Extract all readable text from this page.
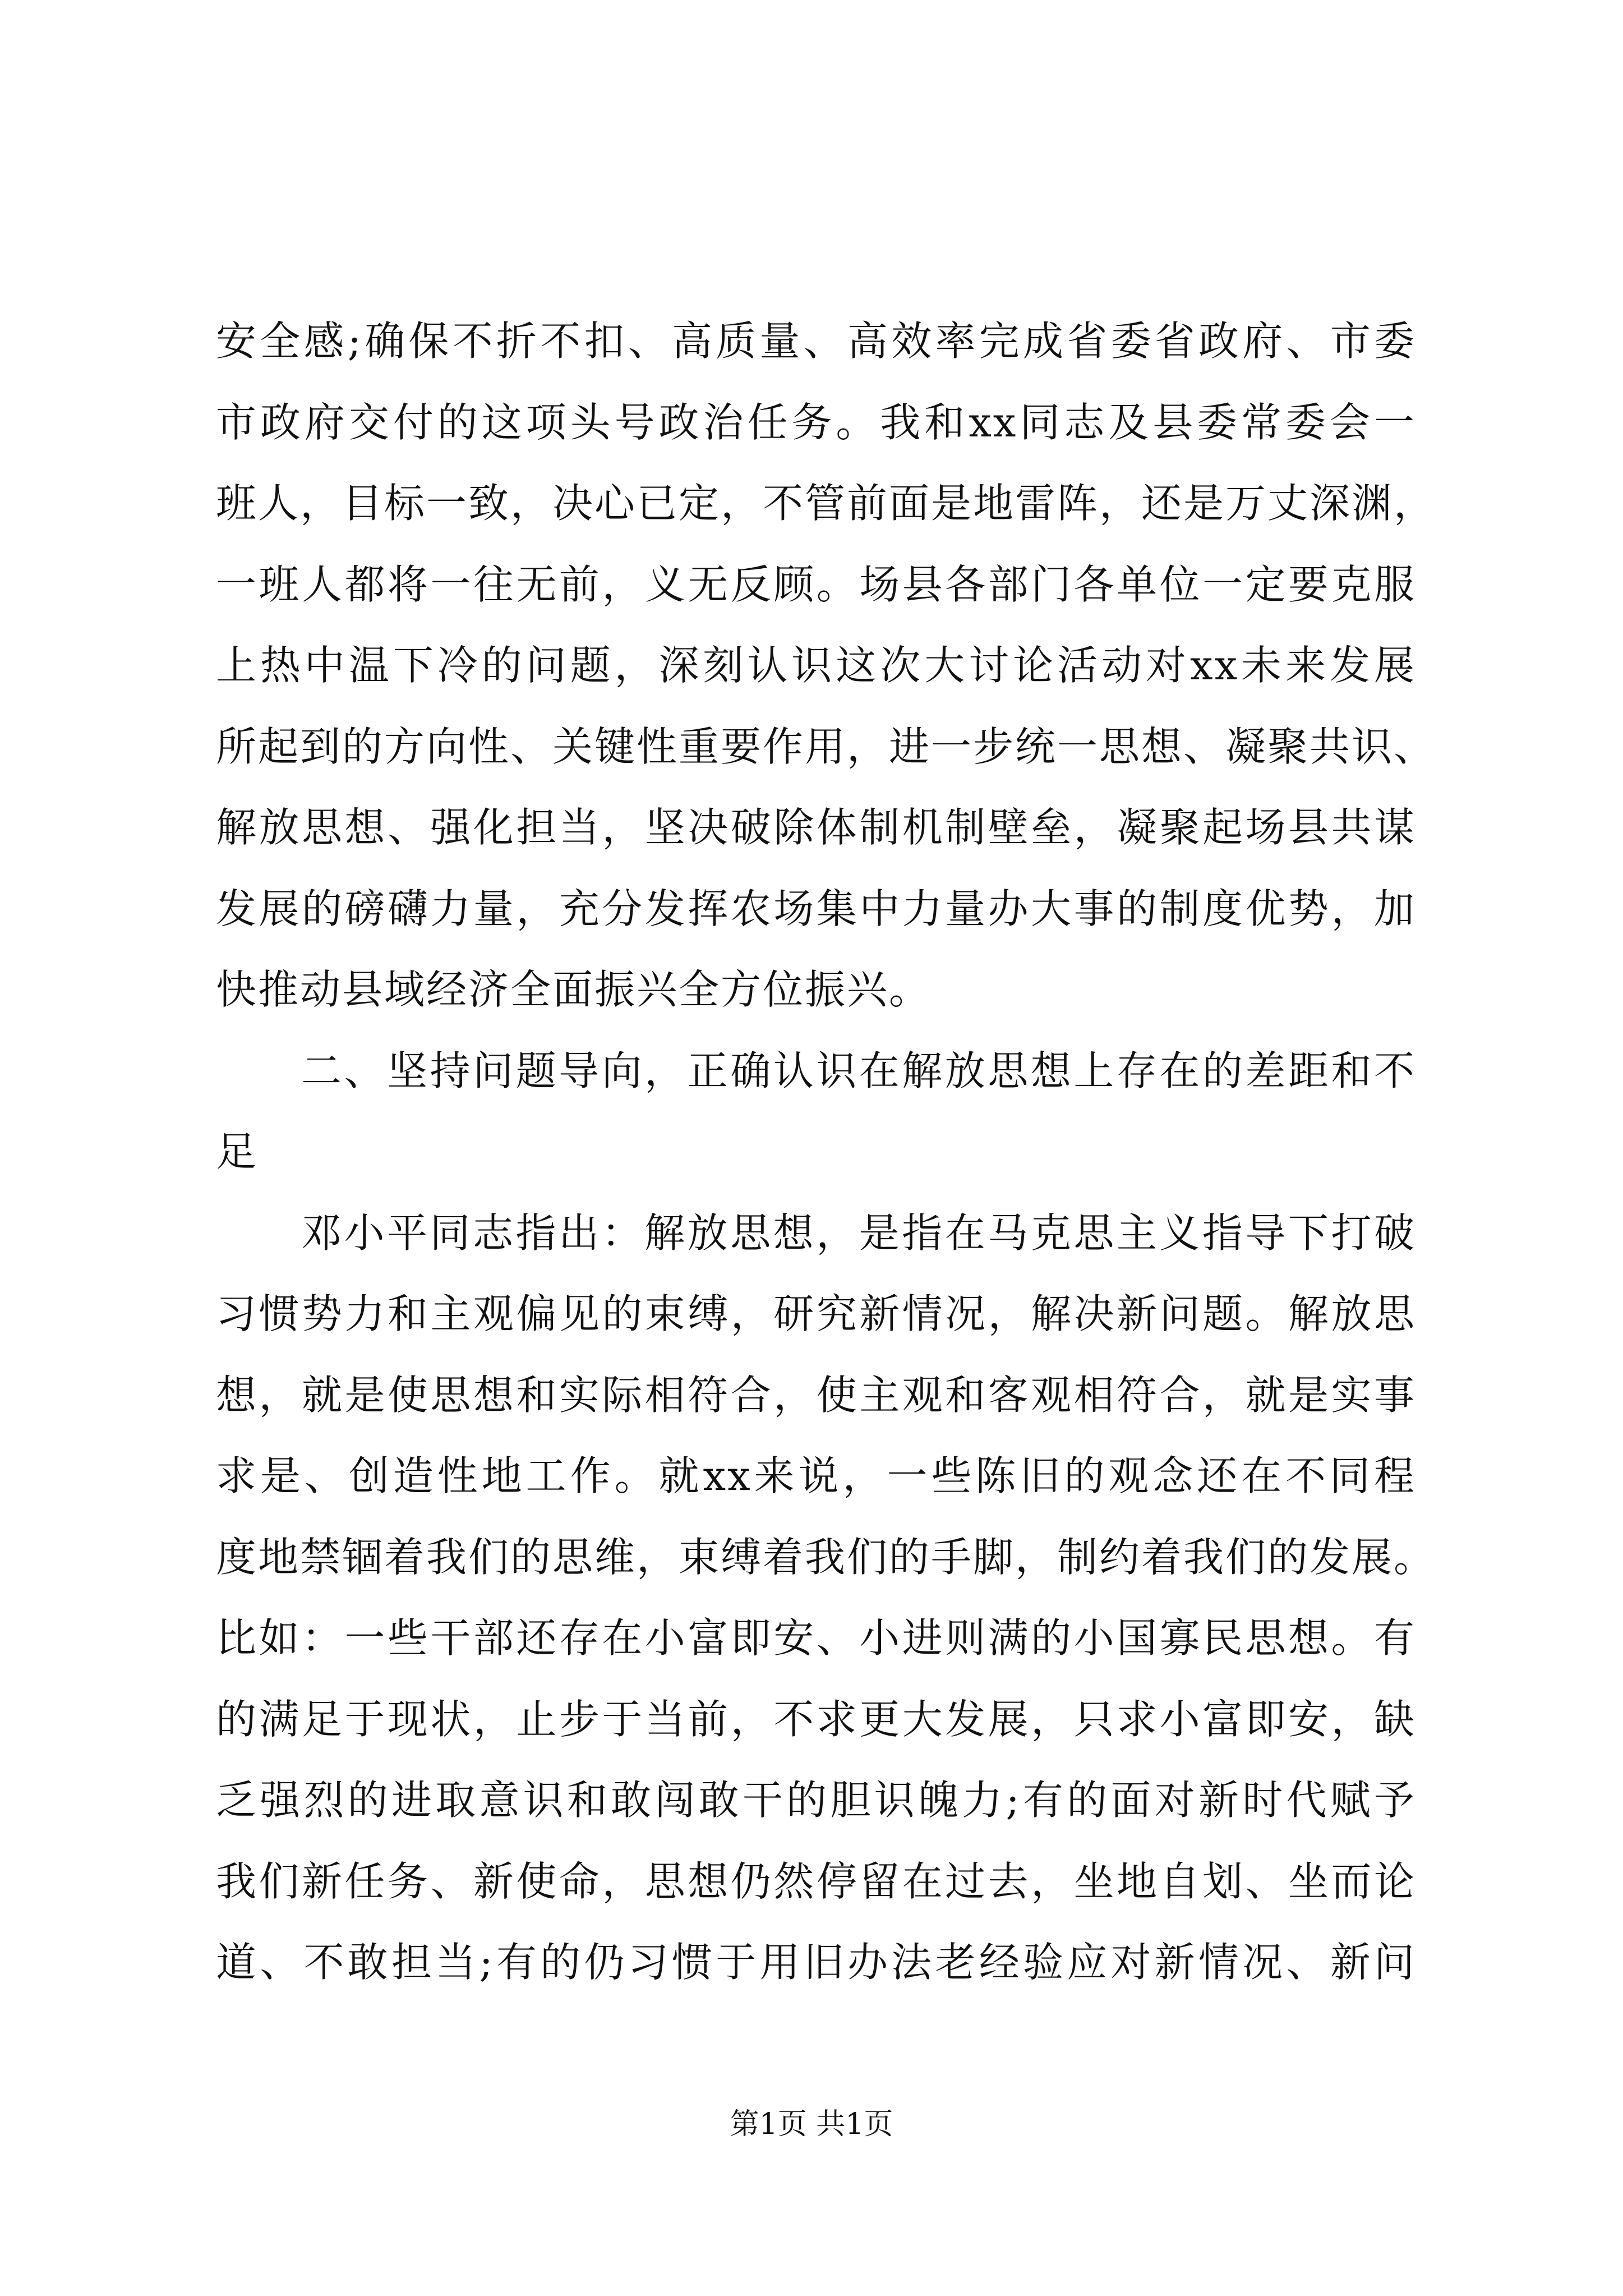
安全感;确保不折不扣、高质量、高效率完成省委省政府、市委
市政府交付的这项头号政治任务。我和xx同志及县委常委会一
班人，目标一致，决心已定，不管前面是地雷阵，还是万丈深渊，
一班人都将一往无前，义无反顾。场县各部门各单位一定要克服
上热中温下冷的问题，深刻认识这次大讨论活动对xx未来发展
所起到的方向性、关键性重要作用，进一步统一思想、凝聚共识、
解放思想、强化担当，坚决破除体制机制壁垒，凝聚起场县共谋
发展的磅礴力量，充分发挥农场集中力量办大事的制度优势，加
快推动县域经济全面振兴全方位振兴。
二、坚持问题导向，正确认识在解放思想上存在的差距和不
足
邓小平同志指出：解放思想，是指在马克思主义指导下打破
习惯势力和主观偏见的束缚，研究新情况，解决新问题。解放思
想，就是使思想和实际相符合，使主观和客观相符合，就是实事
求是、创造性地工作。就xx来说，一些陈旧的观念还在不同程
度地禁锢着我们的思维，束缚着我们的手脚，制约着我们的发展。
比如：一些干部还存在小富即安、小进则满的小国寡民思想。有
的满足于现状，止步于当前，不求更大发展，只求小富即安，缺
乏强烈的进取意识和敢闯敢干的胆识魄力;有的面对新时代赋予
我们新任务、新使命，思想仍然停留在过去，坐地自划、坐而论
道、不敢担当;有的仍习惯于用旧办法老经验应对新情况、新问
第1页 共1页
